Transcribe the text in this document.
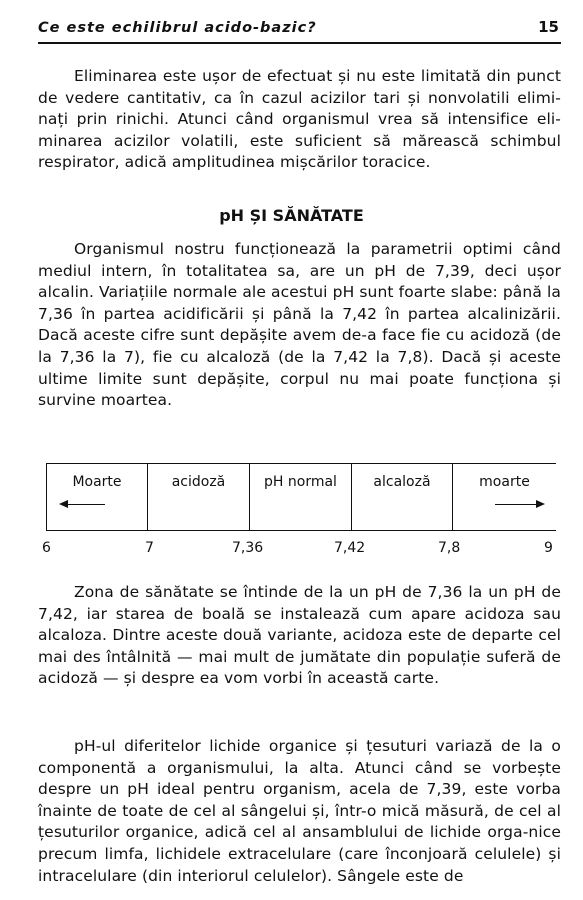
Ce este echilibrul acido-bazic?	15

Eliminarea este ușor de efectuat și nu este limitată din punct de vedere cantitativ, ca în cazul acizilor tari și nonvolatili elimi-nați prin rinichi. Atunci când organismul vrea să intensifice eli-minarea acizilor volatili, este suficient să mărească schimbul respirator, adică amplitudinea mișcărilor toracice.

pH ȘI SĂNĂTATE

Organismul nostru funcționează la parametrii optimi când mediul intern, în totalitatea sa, are un pH de 7,39, deci ușor alcalin. Variațiile normale ale acestui pH sunt foarte slabe: până la 7,36 în partea acidificării și până la 7,42 în partea alcalinizării. Dacă aceste cifre sunt depășite avem de-a face fie cu acidoză (de la 7,36 la 7), fie cu alcaloză (de la 7,42 la 7,8). Dacă și aceste ultime limite sunt depășite, corpul nu mai poate funcționa și survine moartea.

Moarte	acidoză	pH normal	alcaloză	moarte
6	7	7,36	7,42	7,8	9

Zona de sănătate se întinde de la un pH de 7,36 la un pH de 7,42, iar starea de boală se instalează cum apare acidoza sau alcaloza. Dintre aceste două variante, acidoza este de departe cel mai des întâlnită — mai mult de jumătate din populație suferă de acidoză — și despre ea vom vorbi în această carte.

pH-ul diferitelor lichide organice și țesuturi variază de la o componentă a organismului, la alta. Atunci când se vorbește despre un pH ideal pentru organism, acela de 7,39, este vorba înainte de toate de cel al sângelui și, într-o mică măsură, de cel al țesuturilor organice, adică cel al ansamblului de lichide orga-nice precum limfa, lichidele extracelulare (care înconjoară celulele) și intracelulare (din interiorul celulelor). Sângele este de
